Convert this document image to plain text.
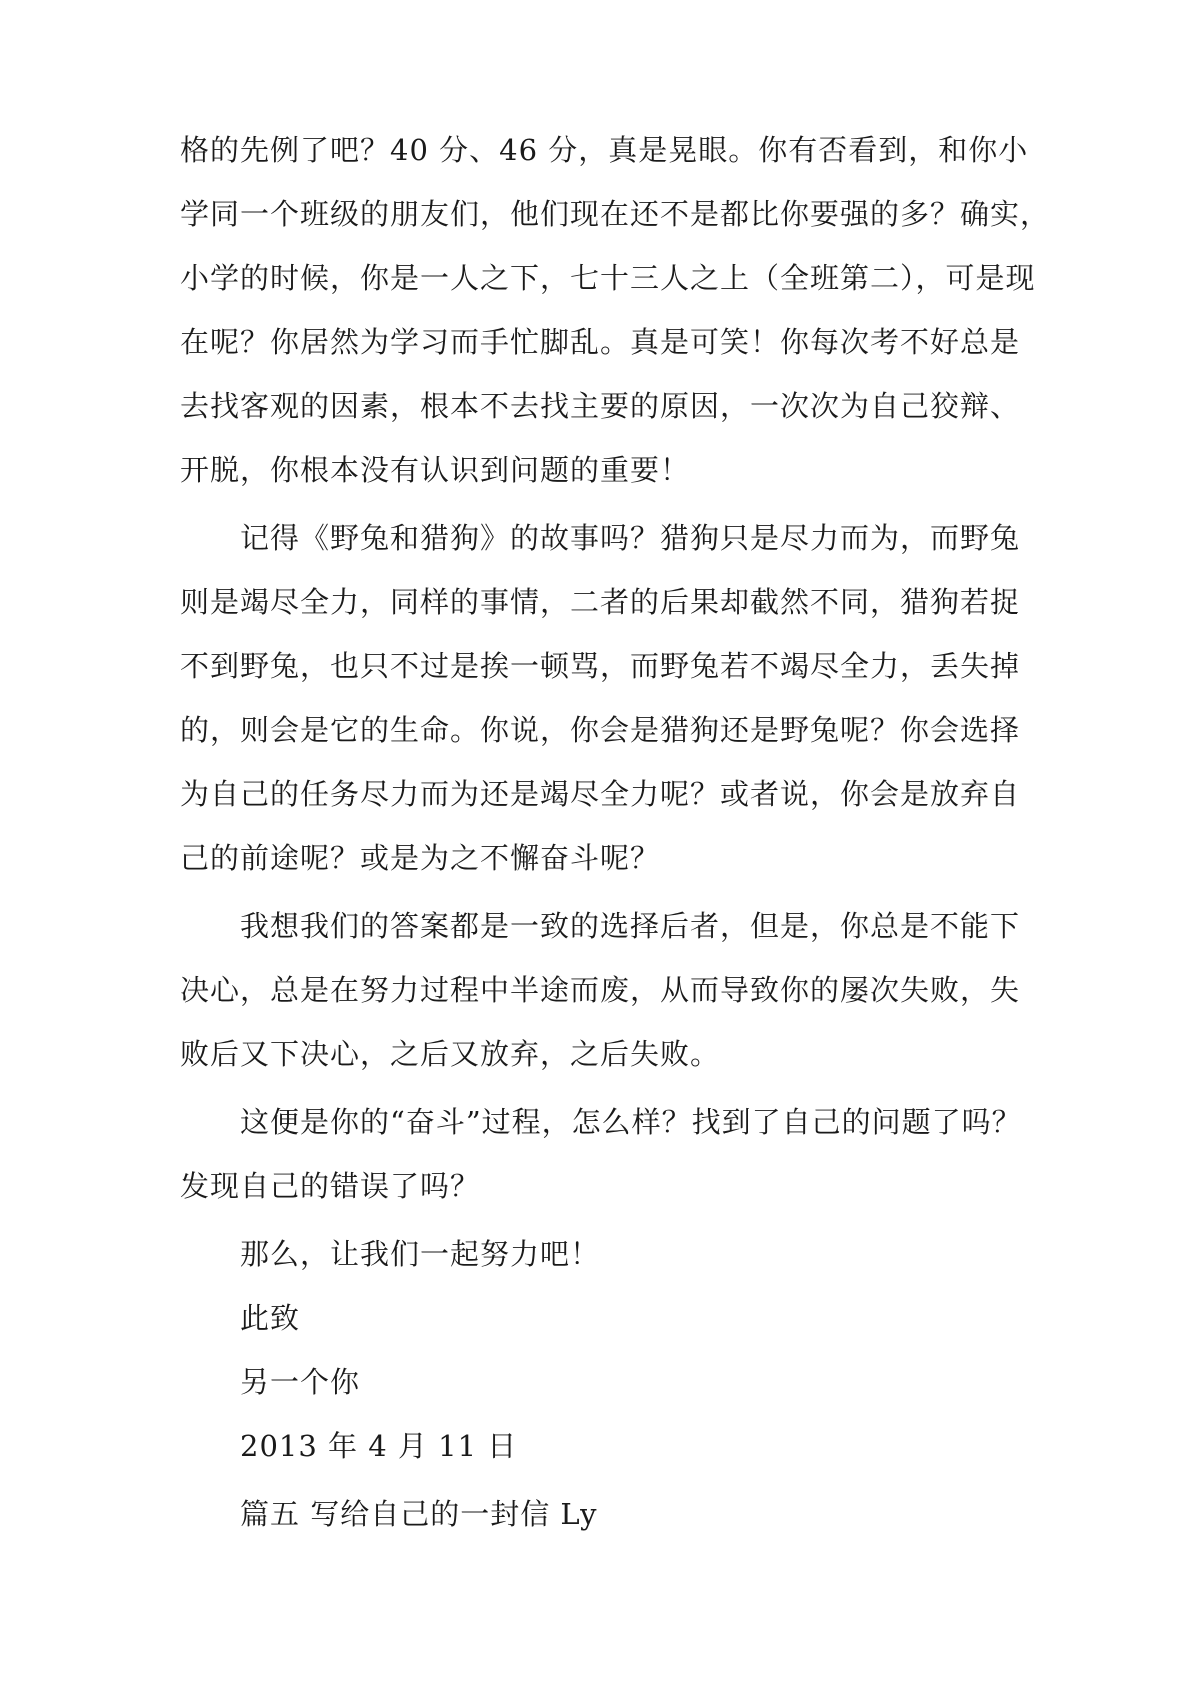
格的先例了吧？40 分、46 分，真是晃眼。你有否看到，和你小
学同一个班级的朋友们，他们现在还不是都比你要强的多？确实，
小学的时候，你是一人之下，七十三人之上（全班第二），可是现
在呢？你居然为学习而手忙脚乱。真是可笑！你每次考不好总是
去找客观的因素，根本不去找主要的原因，一次次为自己狡辩、
开脱，你根本没有认识到问题的重要！
记得《野兔和猎狗》的故事吗？猎狗只是尽力而为，而野兔
则是竭尽全力，同样的事情，二者的后果却截然不同，猎狗若捉
不到野兔，也只不过是挨一顿骂，而野兔若不竭尽全力，丢失掉
的，则会是它的生命。你说，你会是猎狗还是野兔呢？你会选择
为自己的任务尽力而为还是竭尽全力呢？或者说，你会是放弃自
己的前途呢？或是为之不懈奋斗呢？
我想我们的答案都是一致的选择后者，但是，你总是不能下
决心，总是在努力过程中半途而废，从而导致你的屡次失败，失
败后又下决心，之后又放弃，之后失败。
这便是你的“奋斗”过程，怎么样？找到了自己的问题了吗？
发现自己的错误了吗？
那么，让我们一起努力吧！
此致
另一个你
2013 年 4 月 11 日
篇五 写给自己的一封信 Ly
